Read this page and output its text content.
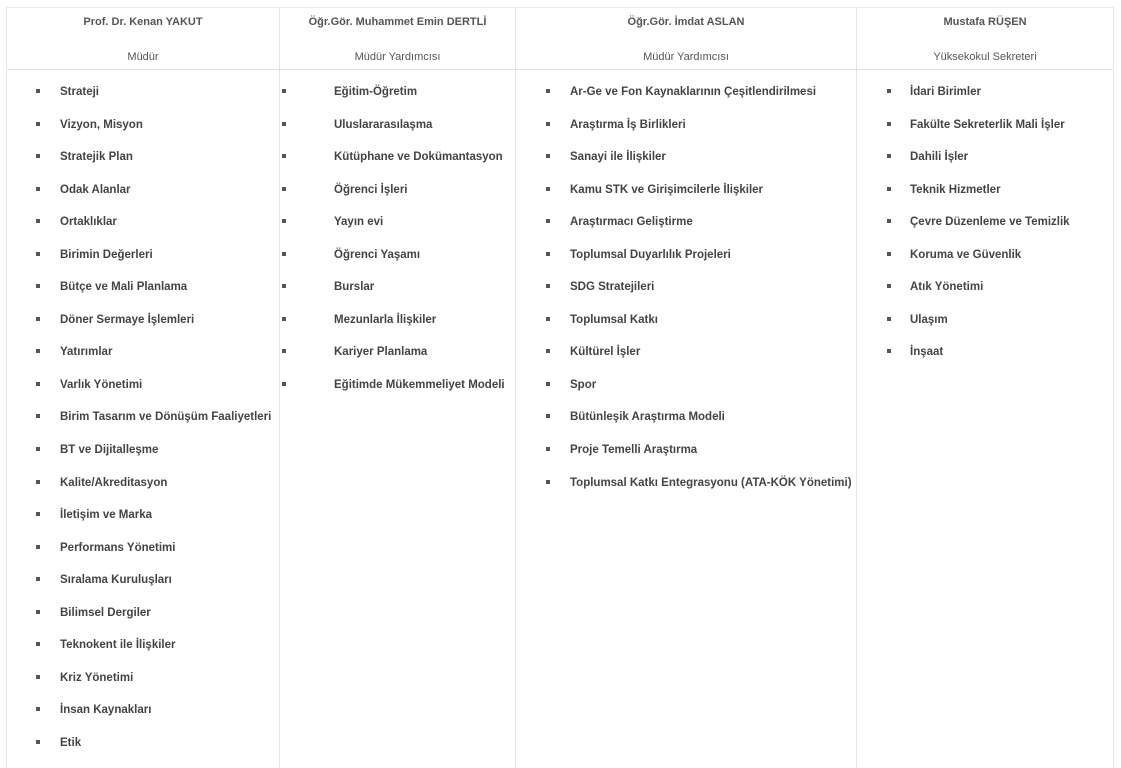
Prof. Dr. Kenan YAKUT
Müdür
Strateji
Vizyon, Misyon
Stratejik Plan
Odak Alanlar
Ortaklıklar
Birimin Değerleri
Bütçe ve Mali Planlama
Döner Sermaye İşlemleri
Yatırımlar
Varlık Yönetimi
Birim Tasarım ve Dönüşüm Faaliyetleri
BT ve Dijitalleşme
Kalite/Akreditasyon
İletişim ve Marka
Performans Yönetimi
Sıralama Kuruluşları
Bilimsel Dergiler
Teknokent ile İlişkiler
Kriz Yönetimi
İnsan Kaynakları
Etik
Öğr.Gör. Muhammet Emin DERTLİ
Müdür Yardımcısı
Eğitim-Öğretim
Uluslararasılaşma
Kütüphane ve Dokümantasyon
Öğrenci İşleri
Yayın evi
Öğrenci Yaşamı
Burslar
Mezunlarla İlişkiler
Kariyer Planlama
Eğitimde Mükemmeliyet Modeli
Öğr.Gör. İmdat ASLAN
Müdür Yardımcısı
Ar-Ge ve Fon Kaynaklarının Çeşitlendirilmesi
Araştırma İş Birlikleri
Sanayi ile İlişkiler
Kamu STK ve Girişimcilerle İlişkiler
Araştırmacı Geliştirme
Toplumsal Duyarlılık Projeleri
SDG Stratejileri
Toplumsal Katkı
Kültürel İşler
Spor
Bütünleşik Araştırma Modeli
Proje Temelli Araştırma
Toplumsal Katkı Entegrasyonu (ATA-KÖK Yönetimi)
Mustafa RÜŞEN
Yüksekokul Sekreteri
İdari Birimler
Fakülte Sekreterlik Mali İşler
Dahili İşler
Teknik Hizmetler
Çevre Düzenleme ve Temizlik
Koruma ve Güvenlik
Atık Yönetimi
Ulaşım
İnşaat
